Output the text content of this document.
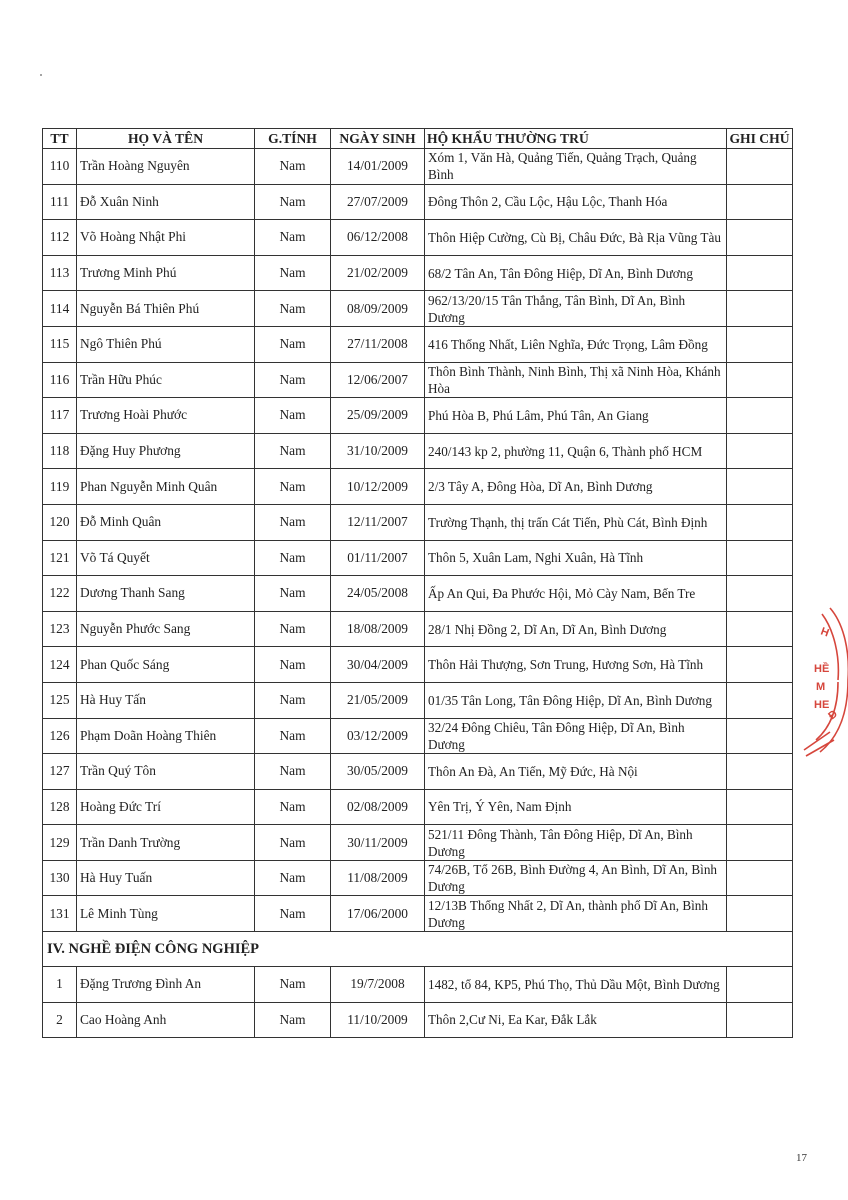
TT	HỌ VÀ TÊN	G.TÍNH	NGÀY SINH	HỘ KHẨU THƯỜNG TRÚ	GHI CHÚ
110	Trần Hoàng Nguyên	Nam	14/01/2009	Xóm 1, Văn Hà, Quảng Tiến, Quảng Trạch, Quảng Bình	
111	Đỗ Xuân Ninh	Nam	27/07/2009	Đông Thôn 2, Cầu Lộc, Hậu Lộc, Thanh Hóa	
112	Võ Hoàng Nhật Phi	Nam	06/12/2008	Thôn Hiệp Cường, Cù Bị, Châu Đức, Bà Rịa Vũng Tàu	
113	Trương Minh Phú	Nam	21/02/2009	68/2 Tân An, Tân Đông Hiệp, Dĩ An, Bình Dương	
114	Nguyễn Bá Thiên Phú	Nam	08/09/2009	962/13/20/15 Tân Thắng, Tân Bình, Dĩ An, Bình Dương	
115	Ngô Thiên Phú	Nam	27/11/2008	416 Thống Nhất, Liên Nghĩa, Đức Trọng, Lâm Đồng	
116	Trần Hữu Phúc	Nam	12/06/2007	Thôn Bình Thành, Ninh Bình, Thị xã Ninh Hòa, Khánh Hòa	
117	Trương Hoài Phước	Nam	25/09/2009	Phú Hòa B, Phú Lâm, Phú Tân, An Giang	
118	Đặng Huy Phương	Nam	31/10/2009	240/143 kp 2, phường 11, Quận 6, Thành phố HCM	
119	Phan Nguyễn Minh Quân	Nam	10/12/2009	2/3 Tây A, Đông Hòa, Dĩ An, Bình Dương	
120	Đỗ Minh Quân	Nam	12/11/2007	Trường Thạnh, thị trấn Cát Tiến, Phù Cát, Bình Định	
121	Võ Tá Quyết	Nam	01/11/2007	Thôn 5, Xuân Lam, Nghi Xuân, Hà Tĩnh	
122	Dương Thanh Sang	Nam	24/05/2008	Ấp An Qui, Đa Phước Hội, Mỏ Cày Nam, Bến Tre	
123	Nguyễn Phước Sang	Nam	18/08/2009	28/1 Nhị Đồng 2, Dĩ An, Dĩ An, Bình Dương	
124	Phan Quốc Sáng	Nam	30/04/2009	Thôn Hải Thượng, Sơn Trung, Hương Sơn, Hà Tĩnh	
125	Hà Huy Tấn	Nam	21/05/2009	01/35 Tân Long, Tân Đông Hiệp, Dĩ An, Bình Dương	
126	Phạm Doãn Hoàng Thiên	Nam	03/12/2009	32/24 Đông Chiêu, Tân Đông Hiệp, Dĩ An, Bình Dương	
127	Trần Quý Tôn	Nam	30/05/2009	Thôn An Đà, An Tiến, Mỹ Đức, Hà Nội	
128	Hoàng Đức Trí	Nam	02/08/2009	Yên Trị, Ý Yên, Nam Định	
129	Trần Danh Trường	Nam	30/11/2009	521/11 Đông Thành, Tân Đông Hiệp, Dĩ An, Bình Dương	
130	Hà Huy Tuấn	Nam	11/08/2009	74/26B, Tổ 26B, Bình Đường 4, An Bình, Dĩ An, Bình Dương	
131	Lê Minh Tùng	Nam	17/06/2000	12/13B Thống Nhất 2, Dĩ An, thành phố Dĩ An, Bình Dương	
IV. NGHỀ ĐIỆN CÔNG NGHIỆP					
1	Đặng Trương Đình An	Nam	19/7/2008	1482, tổ 84, KP5, Phú Thọ, Thủ Dầu Một, Bình Dương	
2	Cao Hoàng Anh	Nam	11/10/2009	Thôn 2,Cư Ni, Ea Kar, Đắk Lắk	
H
HỀ
M
HE
Đ
17
